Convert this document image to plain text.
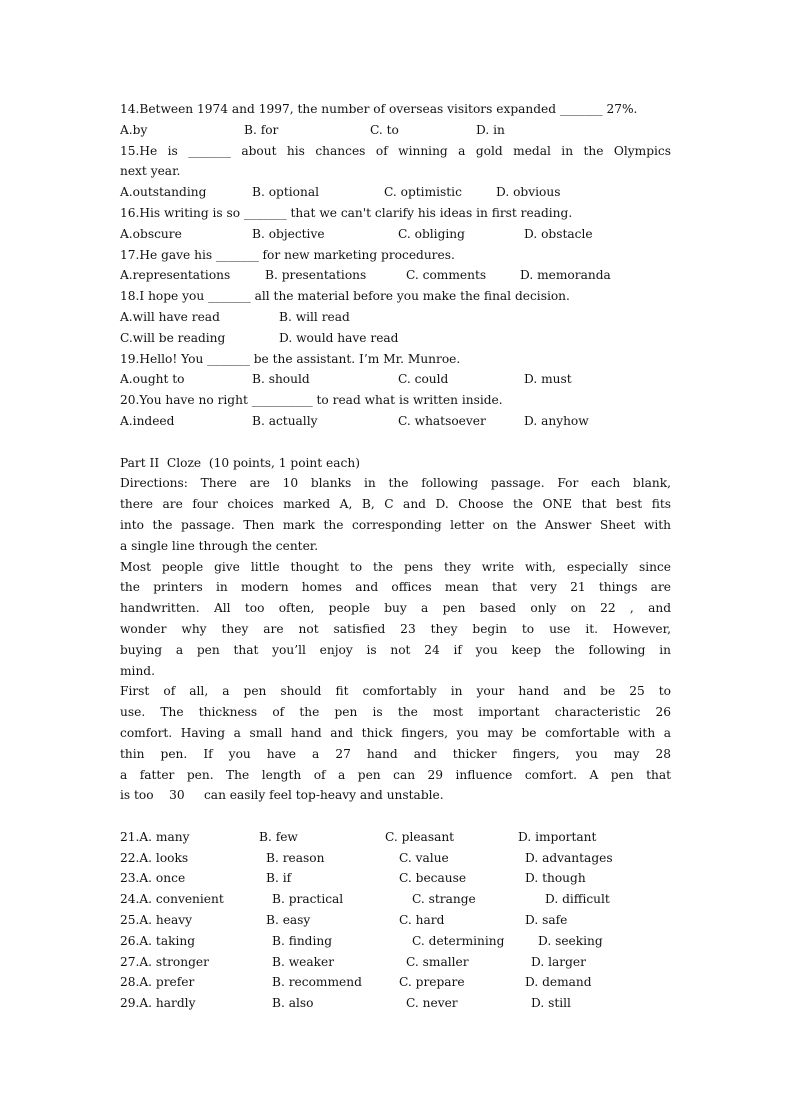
14.Between 1974 and 1997, the number of overseas visitors expanded _______ 27%.

A.by

	B. for

	C. to

	D. in

15.He is _______ about his chances of winning a gold medal in the Olympics
next year.

A.outstanding

	B. optional

	C. optimistic

	D. obvious

16.His writing is so _______ that we can't clarify his ideas in first reading.

A.obscure

	B. objective

	C. obliging

	D. obstacle

17.He gave his _______ for new marketing procedures.

A.representations

	B. presentations

	C. comments

	D. memoranda

18.I hope you _______ all the material before you make the final decision.

A.will have read

	B. will read

C.will be reading

	D. would have read

19.Hello! You _______ be the assistant. I’m Mr. Munroe.

A.ought to

	B. should

	C. could

	D. must

20.You have no right __________ to read what is written inside.

A.indeed

	B. actually

	C. whatsoever

	D. anyhow

Part II  Cloze  (10 points, 1 point each)
Directions: There are 10 blanks in the following passage. For each blank,
there are four choices marked A, B, C and D. Choose the ONE that best fits
into the passage. Then mark the corresponding letter on the Answer Sheet with
a single line through the center.
Most people give little thought to the pens they write with, especially since
the printers in modern homes and offices mean that very 21 things are
handwritten. All too often, people buy a pen based only on 22 , and
wonder why they are not satisfied 23 they begin to use it. However,
buying a pen that you’ll enjoy is not 24 if you keep the following in
mind.
First of all, a pen should fit comfortably in your hand and be 25 to
use. The thickness of the pen is the most important characteristic 26
comfort. Having a small hand and thick fingers, you may be comfortable with a
thin pen. If you have a 27 hand and thicker fingers, you may 28
a fatter pen. The length of a pen can 29 influence comfort. A pen that
is too    30     can easily feel top-heavy and unstable.

21.A. many

	B. few

	C. pleasant

	D. important

22.A. looks

	B. reason

	C. value

	D. advantages

23.A. once

	B. if

	C. because

	D. though

24.A. convenient

	B. practical

	C. strange

	D. difficult

25.A. heavy

	B. easy

	C. hard

	D. safe

26.A. taking

	B. finding

	C. determining

	D. seeking

27.A. stronger

	B. weaker

	C. smaller

	D. larger

28.A. prefer

	B. recommend

	C. prepare

	D. demand

29.A. hardly

	B. also

	C. never

	D. still
